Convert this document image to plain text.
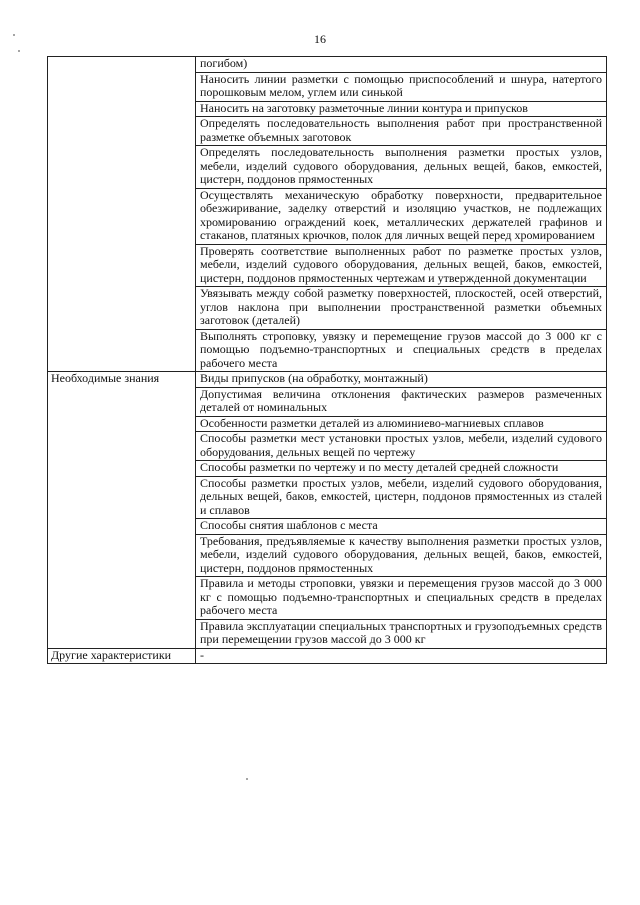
16
	погибом)
	Наносить линии разметки с помощью приспособлений и шнура, натертого порошковым мелом, углем или синькой
	Наносить на заготовку разметочные линии контура и припусков
	Определять последовательность выполнения работ при пространственной разметке объемных заготовок
	Определять последовательность выполнения разметки простых узлов, мебели, изделий судового оборудования, дельных вещей, баков, емкостей, цистерн, поддонов прямостенных
	Осуществлять механическую обработку поверхности, предварительное обезжиривание, заделку отверстий и изоляцию участков, не подлежащих хромированию ограждений коек, металлических держателей графинов и стаканов, платяных крючков, полок для личных вещей перед хромированием
	Проверять соответствие выполненных работ по разметке простых узлов, мебели, изделий судового оборудования, дельных вещей, баков, емкостей, цистерн, поддонов прямостенных чертежам и утвержденной документации
	Увязывать между собой разметку поверхностей, плоскостей, осей отверстий, углов наклона при выполнении пространственной разметки объемных заготовок (деталей)
	Выполнять строповку, увязку и перемещение грузов массой до 3 000 кг с помощью подъемно-транспортных и специальных средств в пределах рабочего места
Необходимые знания	Виды припусков (на обработку, монтажный)
	Допустимая величина отклонения фактических размеров размеченных деталей от номинальных
	Особенности разметки деталей из алюминиево-магниевых сплавов
	Способы разметки мест установки простых узлов, мебели, изделий судового оборудования, дельных вещей по чертежу
	Способы разметки по чертежу и по месту деталей средней сложности
	Способы разметки простых узлов, мебели, изделий судового оборудования, дельных вещей, баков, емкостей, цистерн, поддонов прямостенных из сталей и сплавов
	Способы снятия шаблонов с места
	Требования, предъявляемые к качеству выполнения разметки простых узлов, мебели, изделий судового оборудования, дельных вещей, баков, емкостей, цистерн, поддонов прямостенных
	Правила и методы строповки, увязки и перемещения грузов массой до 3 000 кг с помощью подъемно-транспортных и специальных средств в пределах рабочего места
	Правила эксплуатации специальных транспортных и грузоподъемных средств при перемещении грузов массой до 3 000 кг
Другие характеристики	-
